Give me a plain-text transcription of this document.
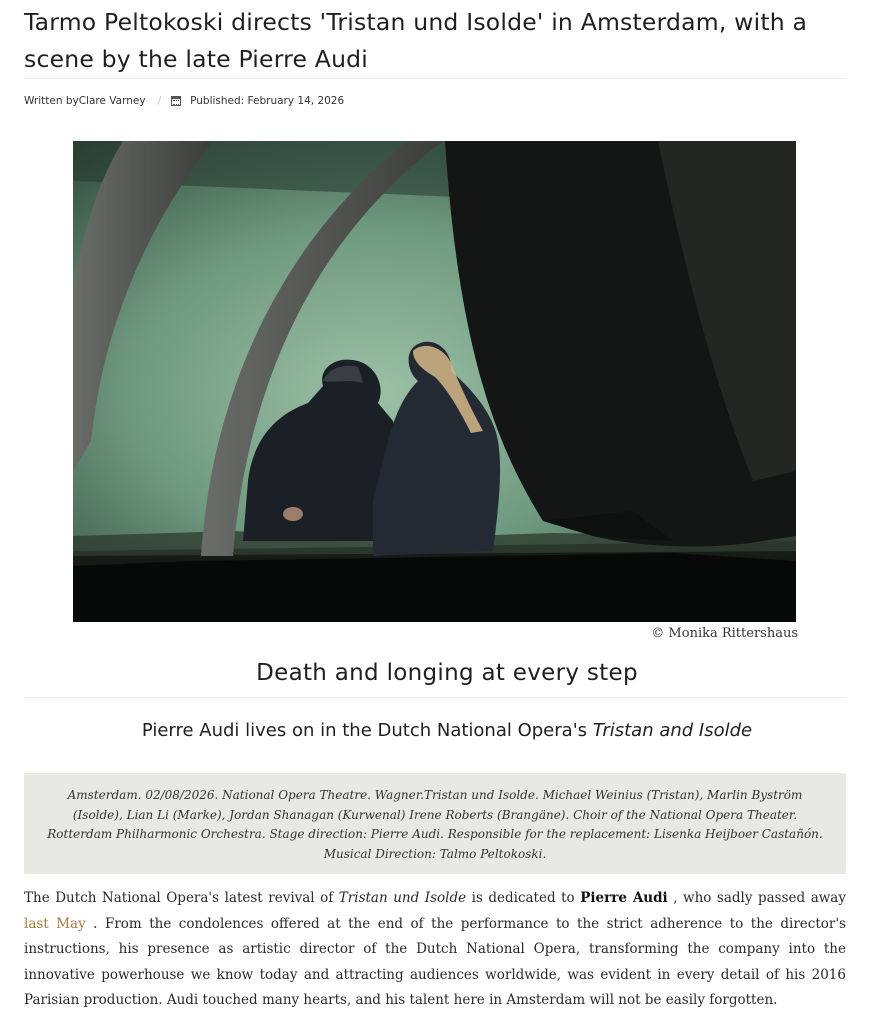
Tarmo Peltokoski directs 'Tristan und Isolde' in Amsterdam, with a scene by the late Pierre Audi
Written by Clare Varney /	Published:
February 14, 2026
© Monika Rittershaus
Death and longing at every step
Pierre Audi lives on in the Dutch National Opera's Tristan and Isolde
Amsterdam. 02/08/2026. National Opera Theatre. Wagner.Tristan und Isolde. Michael Weinius (Tristan), Marlin Byström (Isolde), Lian Li (Marke), Jordan Shanagan (Kurwenal) Irene Roberts (Brangäne). Choir of the National Opera Theater. Rotterdam Philharmonic Orchestra. Stage direction: Pierre Audi. Responsible for the replacement: Lisenka Heijboer Castañón. Musical Direction: Talmo Peltokoski.

The Dutch National Opera's latest revival of Tristan und Isolde is dedicated to Pierre Audi , who sadly passed away last May . From the condolences offered at the end of the performance to the strict adherence to the director's instructions, his presence as artistic director of the Dutch National Opera, transforming the company into the innovative powerhouse we know today and attracting audiences worldwide, was evident in every detail of his 2016 Parisian production. Audi touched many hearts, and his talent here in Amsterdam will not be easily forgotten.
